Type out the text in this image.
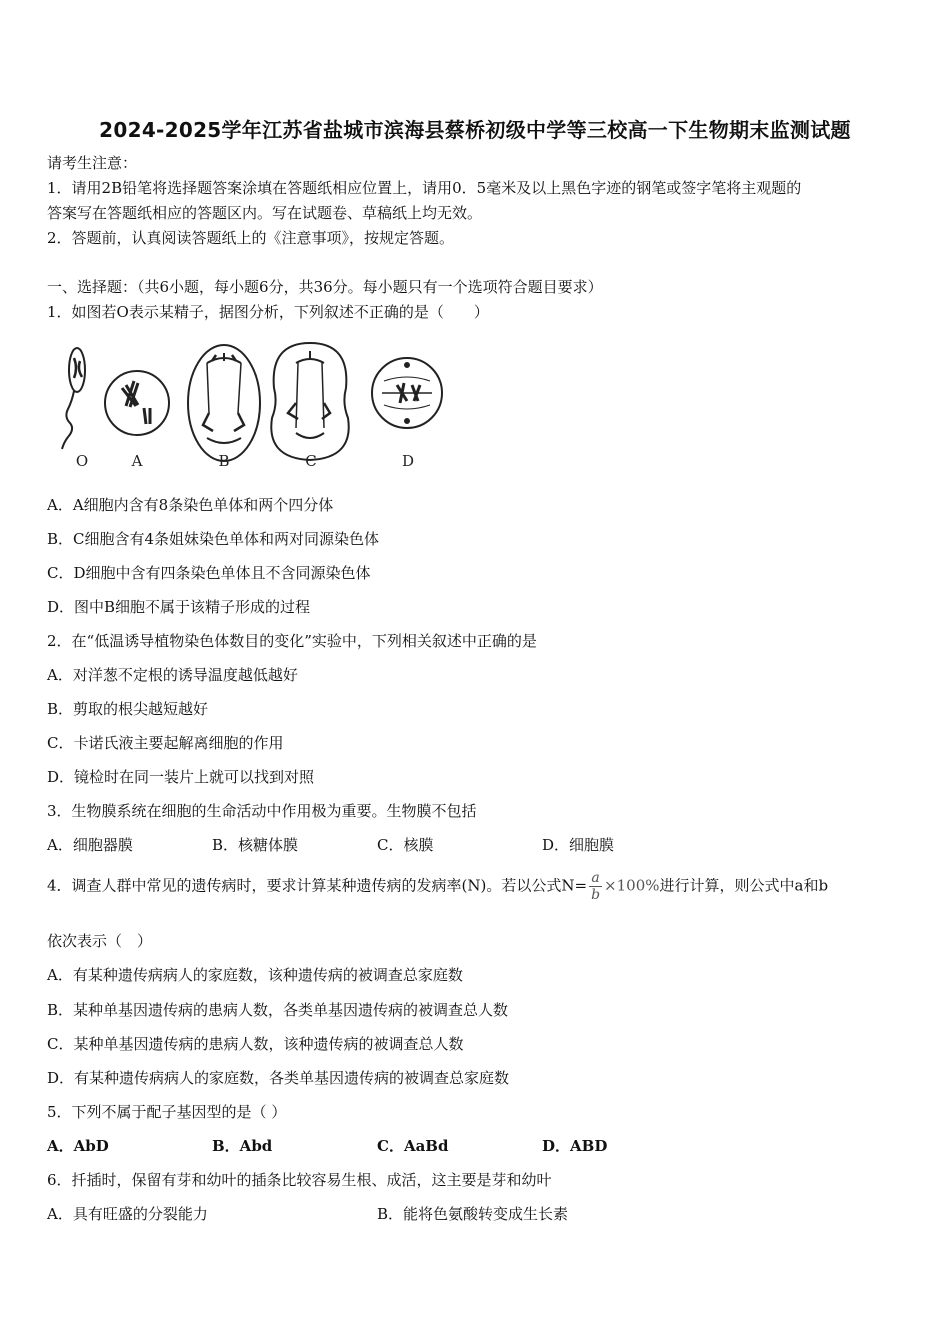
2024-2025学年江苏省盐城市滨海县蔡桥初级中学等三校高一下生物期末监测试题
请考生注意：
1．请用2B铅笔将选择题答案涂填在答题纸相应位置上，请用0．5毫米及以上黑色字迹的钢笔或签字笔将主观题的
答案写在答题纸相应的答题区内。写在试题卷、草稿纸上均无效。
2．答题前，认真阅读答题纸上的《注意事项》，按规定答题。
一、选择题：（共6小题，每小题6分，共36分。每小题只有一个选项符合题目要求）
1．如图若O表示某精子，据图分析，下列叙述不正确的是（　　）
O	A	B	C	D
A．A细胞内含有8条染色单体和两个四分体
B．C细胞含有4条姐妹染色单体和两对同源染色体
C．D细胞中含有四条染色单体且不含同源染色体
D．图中B细胞不属于该精子形成的过程
2．在“低温诱导植物染色体数目的变化”实验中，下列相关叙述中正确的是
A．对洋葱不定根的诱导温度越低越好
B．剪取的根尖越短越好
C．卡诺氏液主要起解离细胞的作用
D．镜检时在同一装片上就可以找到对照
3．生物膜系统在细胞的生命活动中作用极为重要。生物膜不包括
A．细胞器膜	B．核糖体膜	C．核膜	D．细胞膜
4．调查人群中常见的遗传病时，要求计算某种遗传病的发病率(N)。若以公式$N= \frac{a}{b} \times 100\%$进行计算，则公式中a和b
依次表示（　）
A．有某种遗传病病人的家庭数，该种遗传病的被调查总家庭数
B．某种单基因遗传病的患病人数，各类单基因遗传病的被调查总人数
C．某种单基因遗传病的患病人数，该种遗传病的被调查总人数
D．有某种遗传病病人的家庭数，各类单基因遗传病的被调查总家庭数
5．下列不属于配子基因型的是（ ）
A．AbD	B．Abd	C．AaBd	D．ABD
6．扦插时，保留有芽和幼叶的插条比较容易生根、成活，这主要是芽和幼叶
A．具有旺盛的分裂能力	B．能将色氨酸转变成生长素
